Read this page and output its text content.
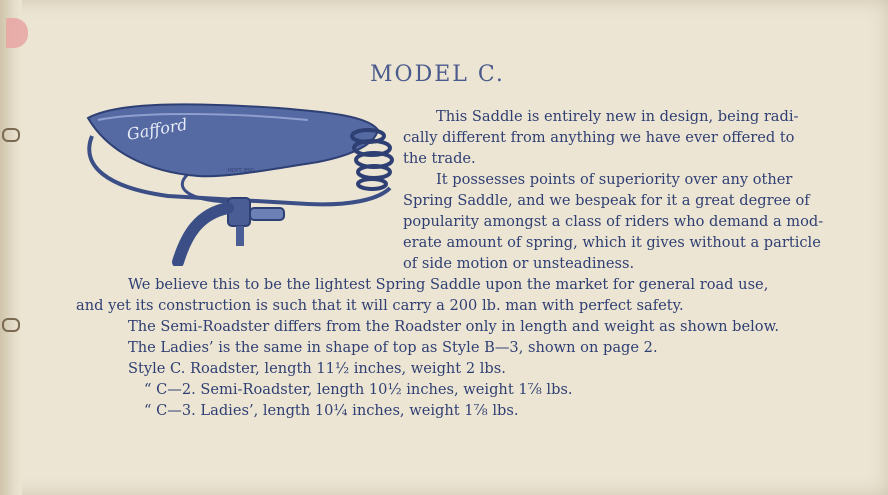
MODEL C.
Gafford
HOYT. ENG.
This Saddle is entirely new in design, being radi-
cally different from anything we have ever offered to
the trade.
It possesses points of superiority over any other
Spring Saddle, and we bespeak for it a great degree of
popularity amongst a class of riders who demand a mod-
erate amount of spring, which it gives without a particle
of side motion or unsteadiness.
We believe this to be the lightest Spring Saddle upon the market for general road use,
and yet its construction is such that it will carry a 200 lb. man with perfect safety.
The Semi-Roadster differs from the Roadster only in length and weight as shown below.
The Ladies’ is the same in shape of top as Style B—3, shown on page 2.
Style C. Roadster, length 11½ inches, weight 2 lbs.
“ C—2. Semi-Roadster, length 10½ inches, weight 1⅞ lbs.
“ C—3. Ladies’, length 10¼ inches, weight 1⅞ lbs.
